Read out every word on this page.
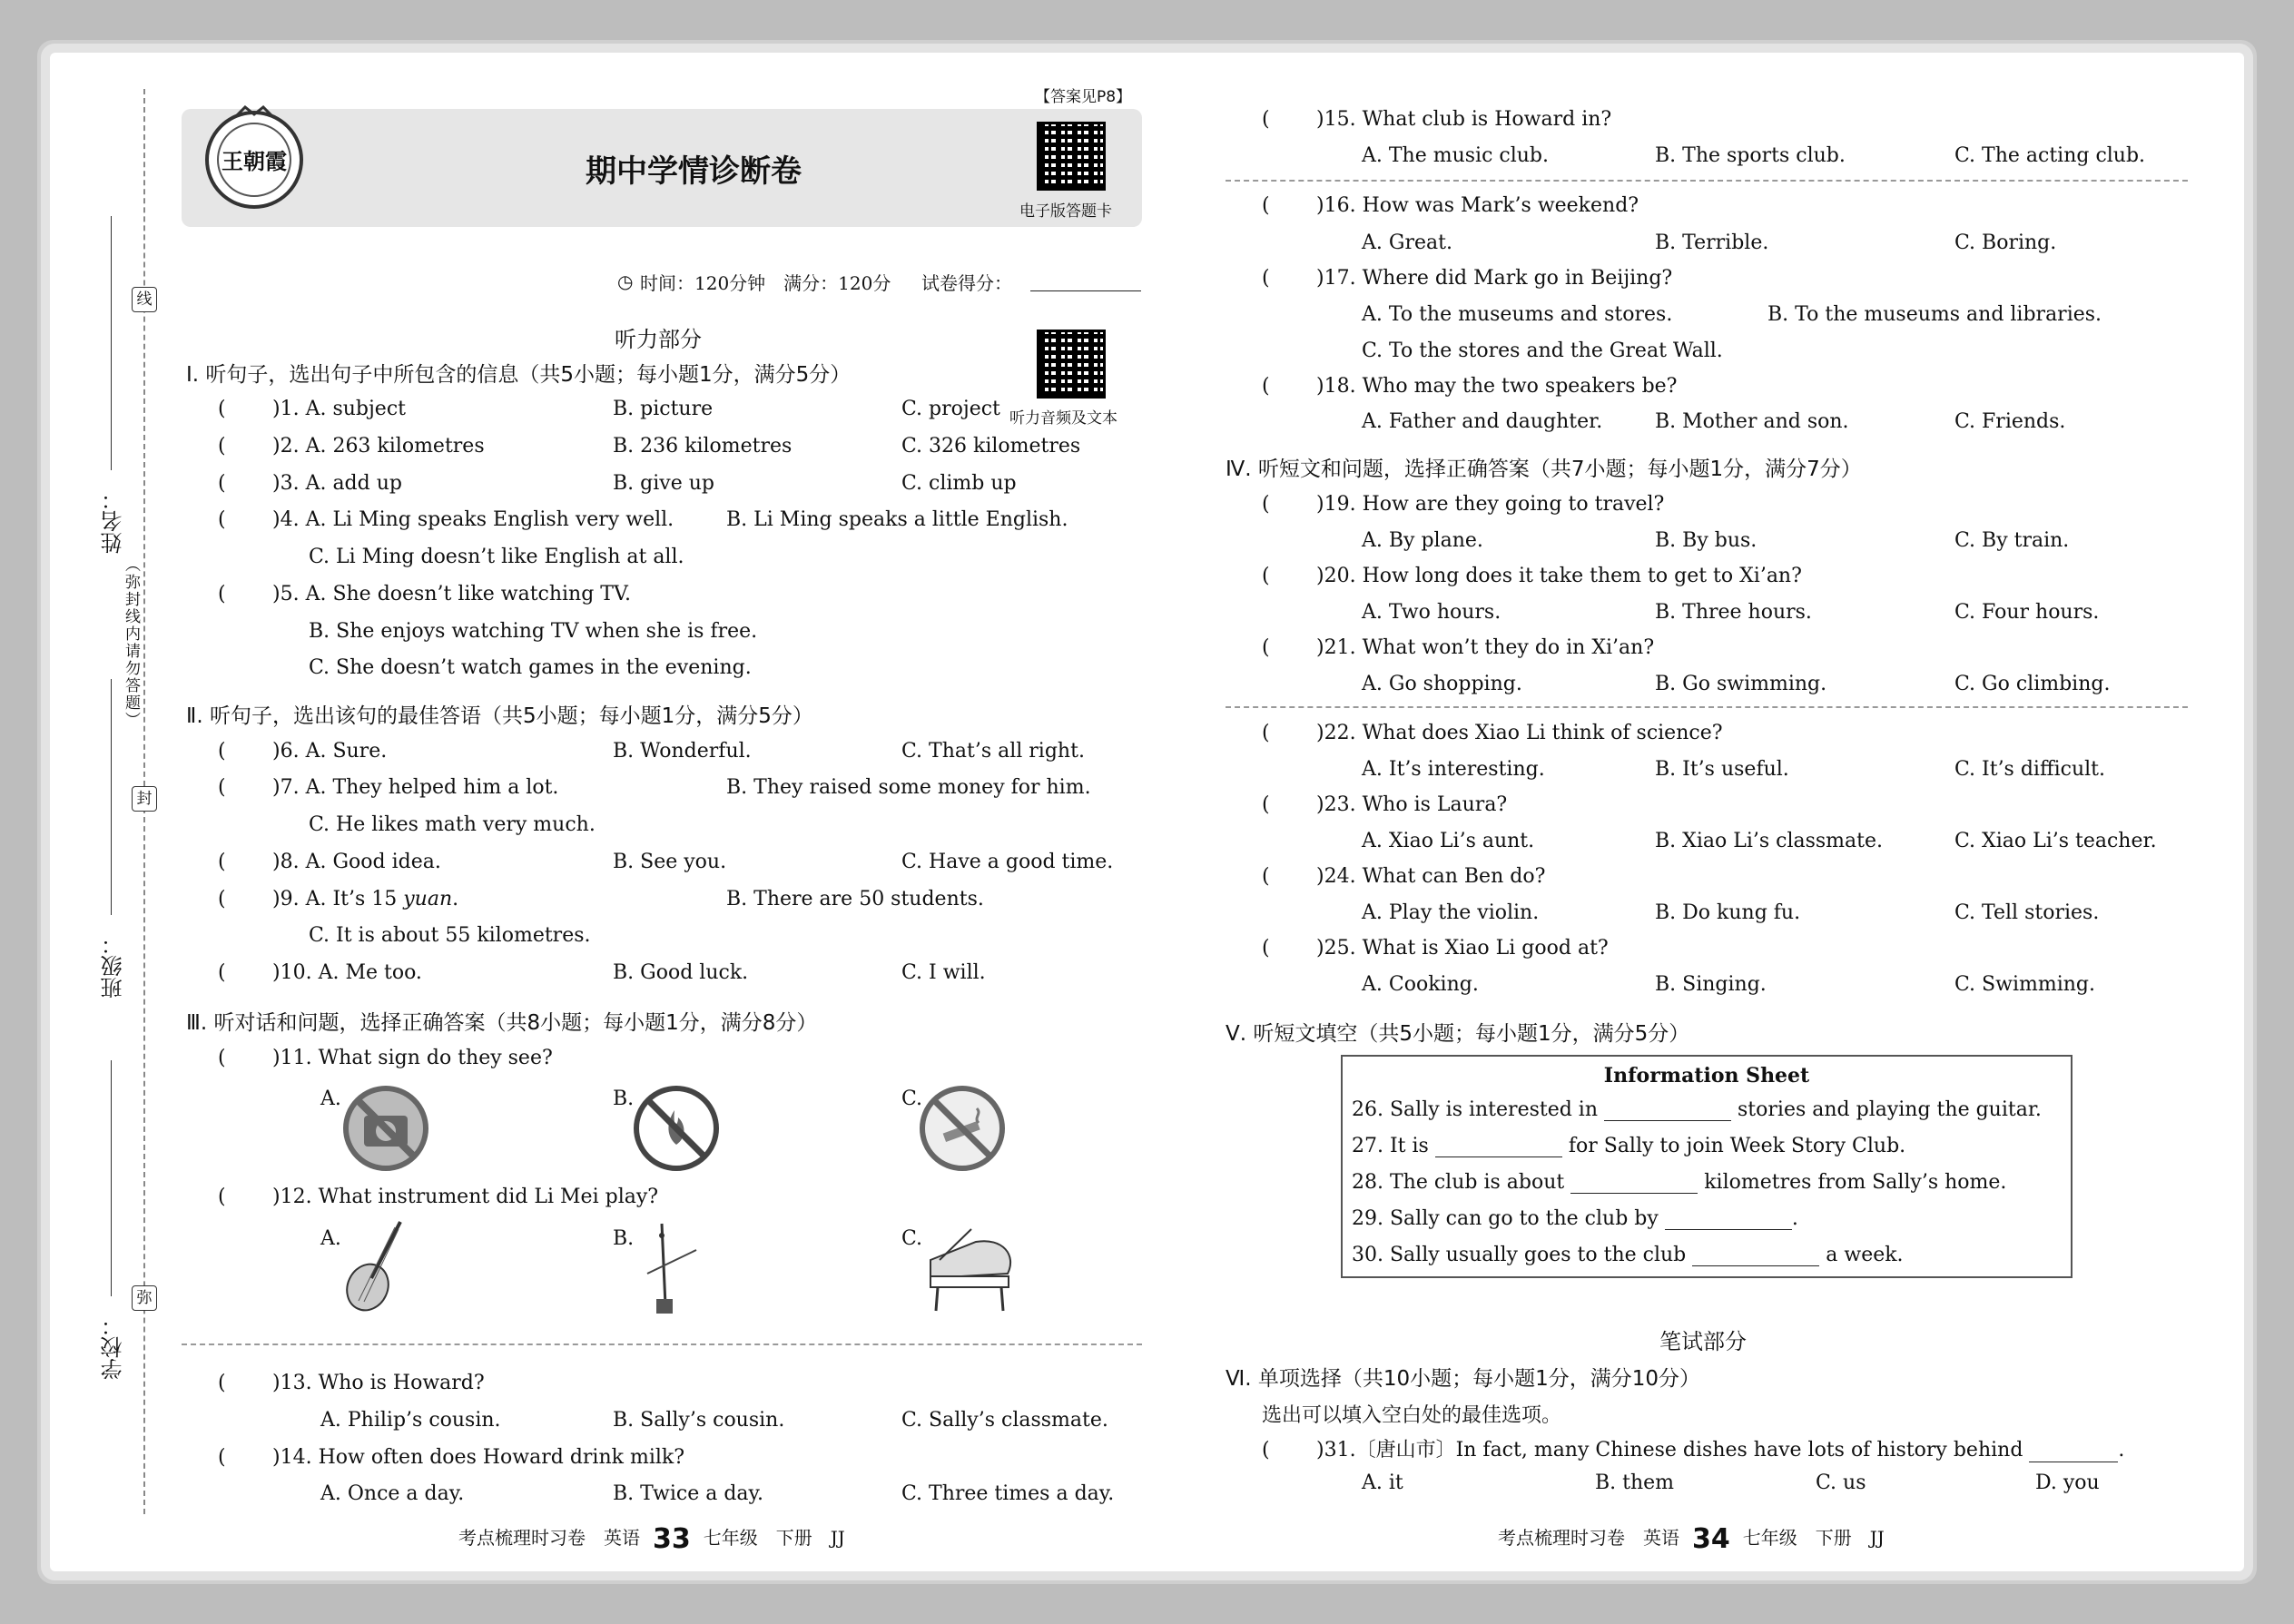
线
封
弥
（弥封线内请勿答题）
姓名：
班级：
学校：
王朝霞	期中学情诊断卷
【答案见P8】
电子版答题卡
◷ 时间：120分钟　满分：120分 试卷得分：
听力部分
听力音频及文本
Ⅰ. 听句子，选出句子中所包含的信息（共5小题；每小题1分，满分5分）
( )1. A. subject	B. picture	C. project
( )2. A. 263 kilometres	B. 236 kilometres	C. 326 kilometres
( )3. A. add up	B. give up	C. climb up
( )4. A. Li Ming speaks English very well.	B. Li Ming speaks a little English.
C. Li Ming doesn’t like English at all.
( )5. A. She doesn’t like watching TV.
B. She enjoys watching TV when she is free.
C. She doesn’t watch games in the evening.
Ⅱ. 听句子，选出该句的最佳答语（共5小题；每小题1分，满分5分）
( )6. A. Sure.	B. Wonderful.	C. That’s all right.
( )7. A. They helped him a lot.	B. They raised some money for him.
C. He likes math very much.
( )8. A. Good idea.	B. See you.	C. Have a good time.
( )9. A. It’s 15 yuan.	B. There are 50 students.
C. It is about 55 kilometres.
( )10. A. Me too.	B. Good luck.	C. I will.
Ⅲ. 听对话和问题，选择正确答案（共8小题；每小题1分，满分8分）
( )11. What sign do they see?
A.	B.	C.
( )12. What instrument did Li Mei play?
A.	B.	C.
( )13. Who is Howard?
A. Philip’s cousin.	B. Sally’s cousin.	C. Sally’s classmate.
( )14. How often does Howard drink milk?
A. Once a day.	B. Twice a day.	C. Three times a day.
考点梳理时习卷　英语 33 七年级　下册　JJ
( )15. What club is Howard in?
A. The music club.	B. The sports club.	C. The acting club.
( )16. How was Mark’s weekend?
A. Great.	B. Terrible.	C. Boring.
( )17. Where did Mark go in Beijing?
A. To the museums and stores.	B. To the museums and libraries.
C. To the stores and the Great Wall.
( )18. Who may the two speakers be?
A. Father and daughter.	B. Mother and son.	C. Friends.
Ⅳ. 听短文和问题，选择正确答案（共7小题；每小题1分，满分7分）
( )19. How are they going to travel?
A. By plane.	B. By bus.	C. By train.
( )20. How long does it take them to get to Xi’an?
A. Two hours.	B. Three hours.	C. Four hours.
( )21. What won’t they do in Xi’an?
A. Go shopping.	B. Go swimming.	C. Go climbing.
( )22. What does Xiao Li think of science?
A. It’s interesting.	B. It’s useful.	C. It’s difficult.
( )23. Who is Laura?
A. Xiao Li’s aunt.	B. Xiao Li’s classmate.	C. Xiao Li’s teacher.
( )24. What can Ben do?
A. Play the violin.	B. Do kung fu.	C. Tell stories.
( )25. What is Xiao Li good at?
A. Cooking.	B. Singing.	C. Swimming.
Ⅴ. 听短文填空（共5小题；每小题1分，满分5分）
Information Sheet
26. Sally is interested in	stories and playing the guitar.
27. It is	for Sally to join Week Story Club.
28. The club is about	kilometres from Sally’s home.
29. Sally can go to the club by	.
30. Sally usually goes to the club	a week.
笔试部分
Ⅵ. 单项选择（共10小题；每小题1分，满分10分）
选出可以填入空白处的最佳选项。
( )31.〔唐山市〕In fact, many Chinese dishes have lots of history behind	.
A. it	B. them	C. us	D. you
考点梳理时习卷　英语 34 七年级　下册　JJ
